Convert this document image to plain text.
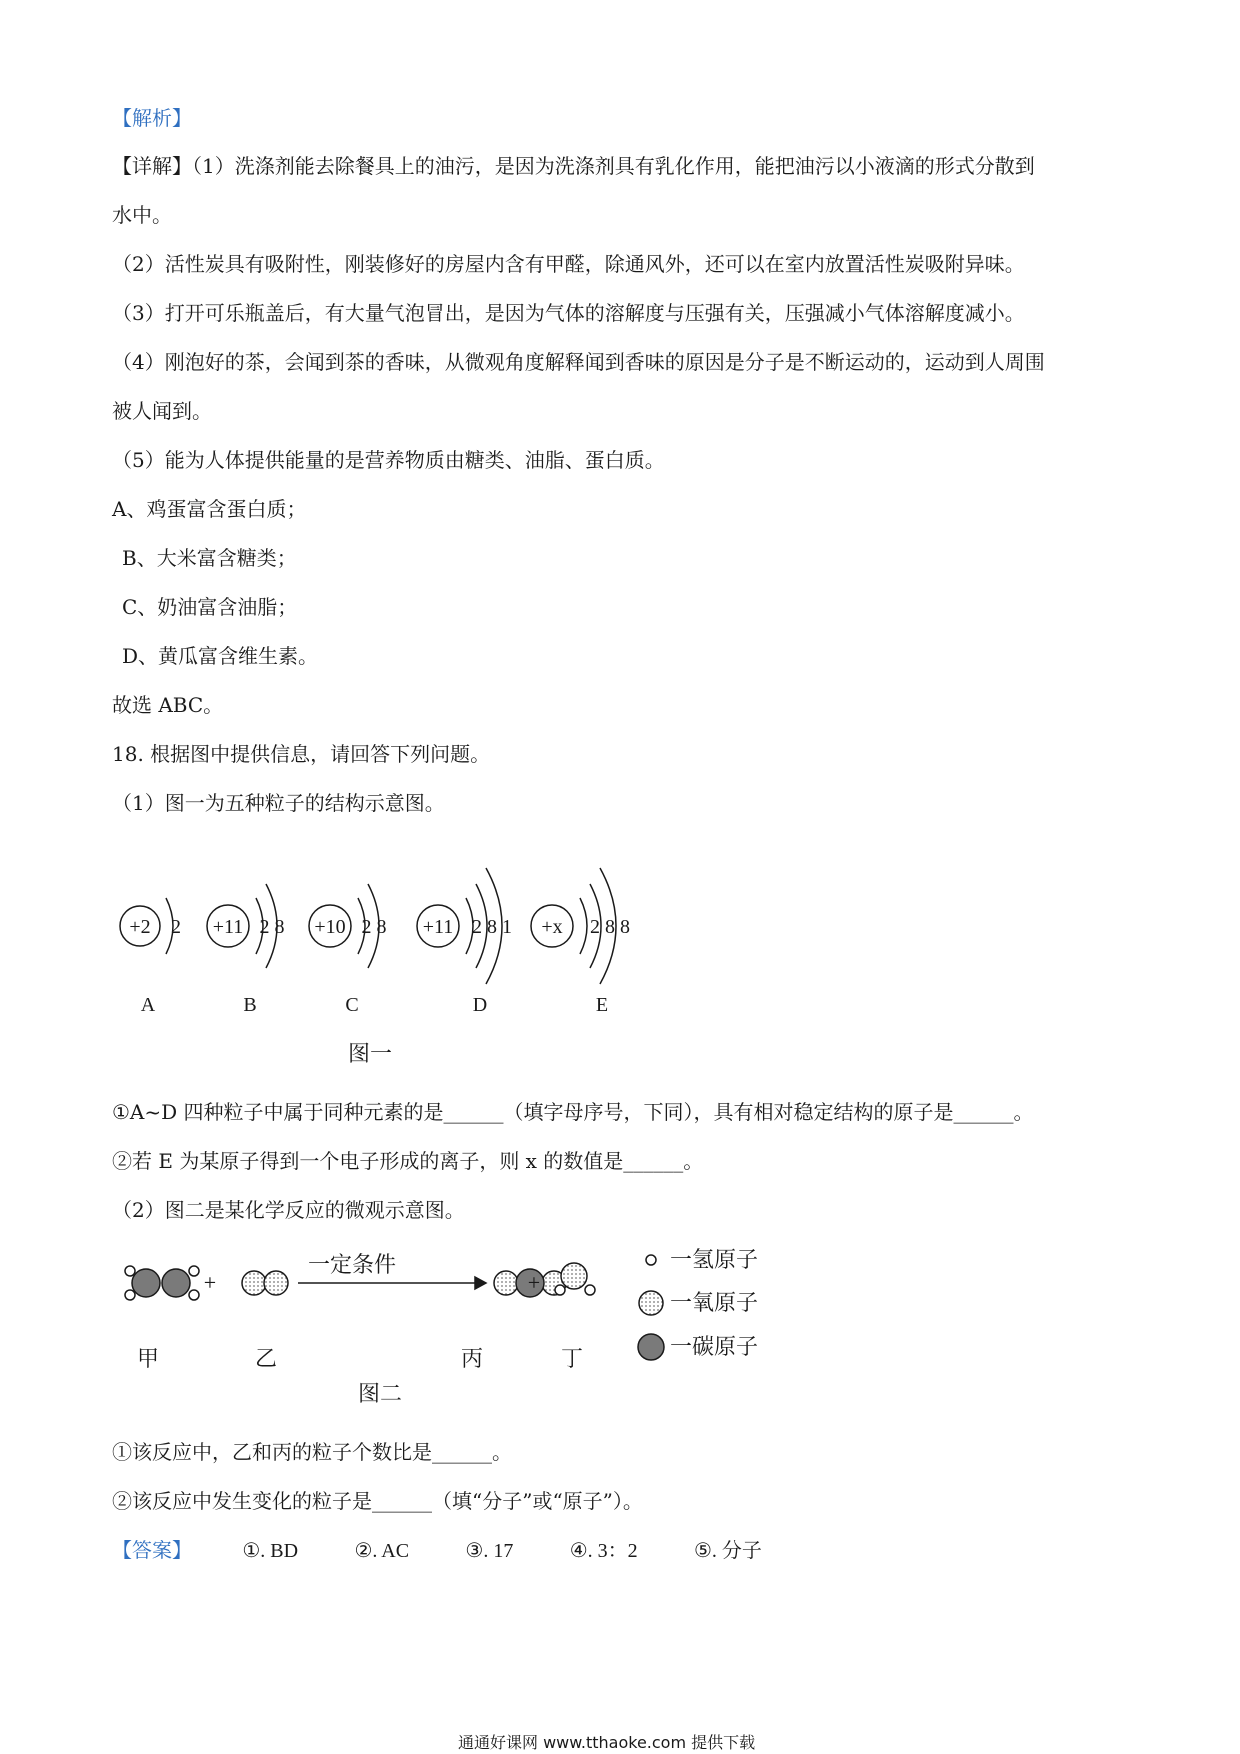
【解析】
【详解】（1）洗涤剂能去除餐具上的油污，是因为洗涤剂具有乳化作用，能把油污以小液滴的形式分散到
水中。
（2）活性炭具有吸附性，刚装修好的房屋内含有甲醛，除通风外，还可以在室内放置活性炭吸附异味。
（3）打开可乐瓶盖后，有大量气泡冒出，是因为气体的溶解度与压强有关，压强减小气体溶解度减小。
（4）刚泡好的茶，会闻到茶的香味，从微观角度解释闻到香味的原因是分子是不断运动的，运动到人周围
被人闻到。
（5）能为人体提供能量的是营养物质由糖类、油脂、蛋白质。
A、鸡蛋富含蛋白质；
B、大米富含糖类；
C、奶油富含油脂；
D、黄瓜富含维生素。
故选 ABC。
18. 根据图中提供信息，请回答下列问题。
（1）图一为五种粒子的结构示意图。
+2 2 +11 2 8 +10 2 8 +11 2 8 1 +x 2 8 8
A	B	C	D	E
图一
①A~D 四种粒子中属于同种元素的是______（填字母序号，下同），具有相对稳定结构的原子是______。
②若 E 为某原子得到一个电子形成的离子，则 x 的数值是______。
（2）图二是某化学反应的微观示意图。
+
一定条件
+
一氢原子
一氧原子
一碳原子
甲	乙	丙	丁
图二
①该反应中，乙和丙的粒子个数比是______。
②该反应中发生变化的粒子是______（填“分子”或“原子”）。
【答案】	①. BD	②. AC	③. 17	④. 3：2	⑤. 分子
通通好课网 www.tthaoke.com 提供下载
